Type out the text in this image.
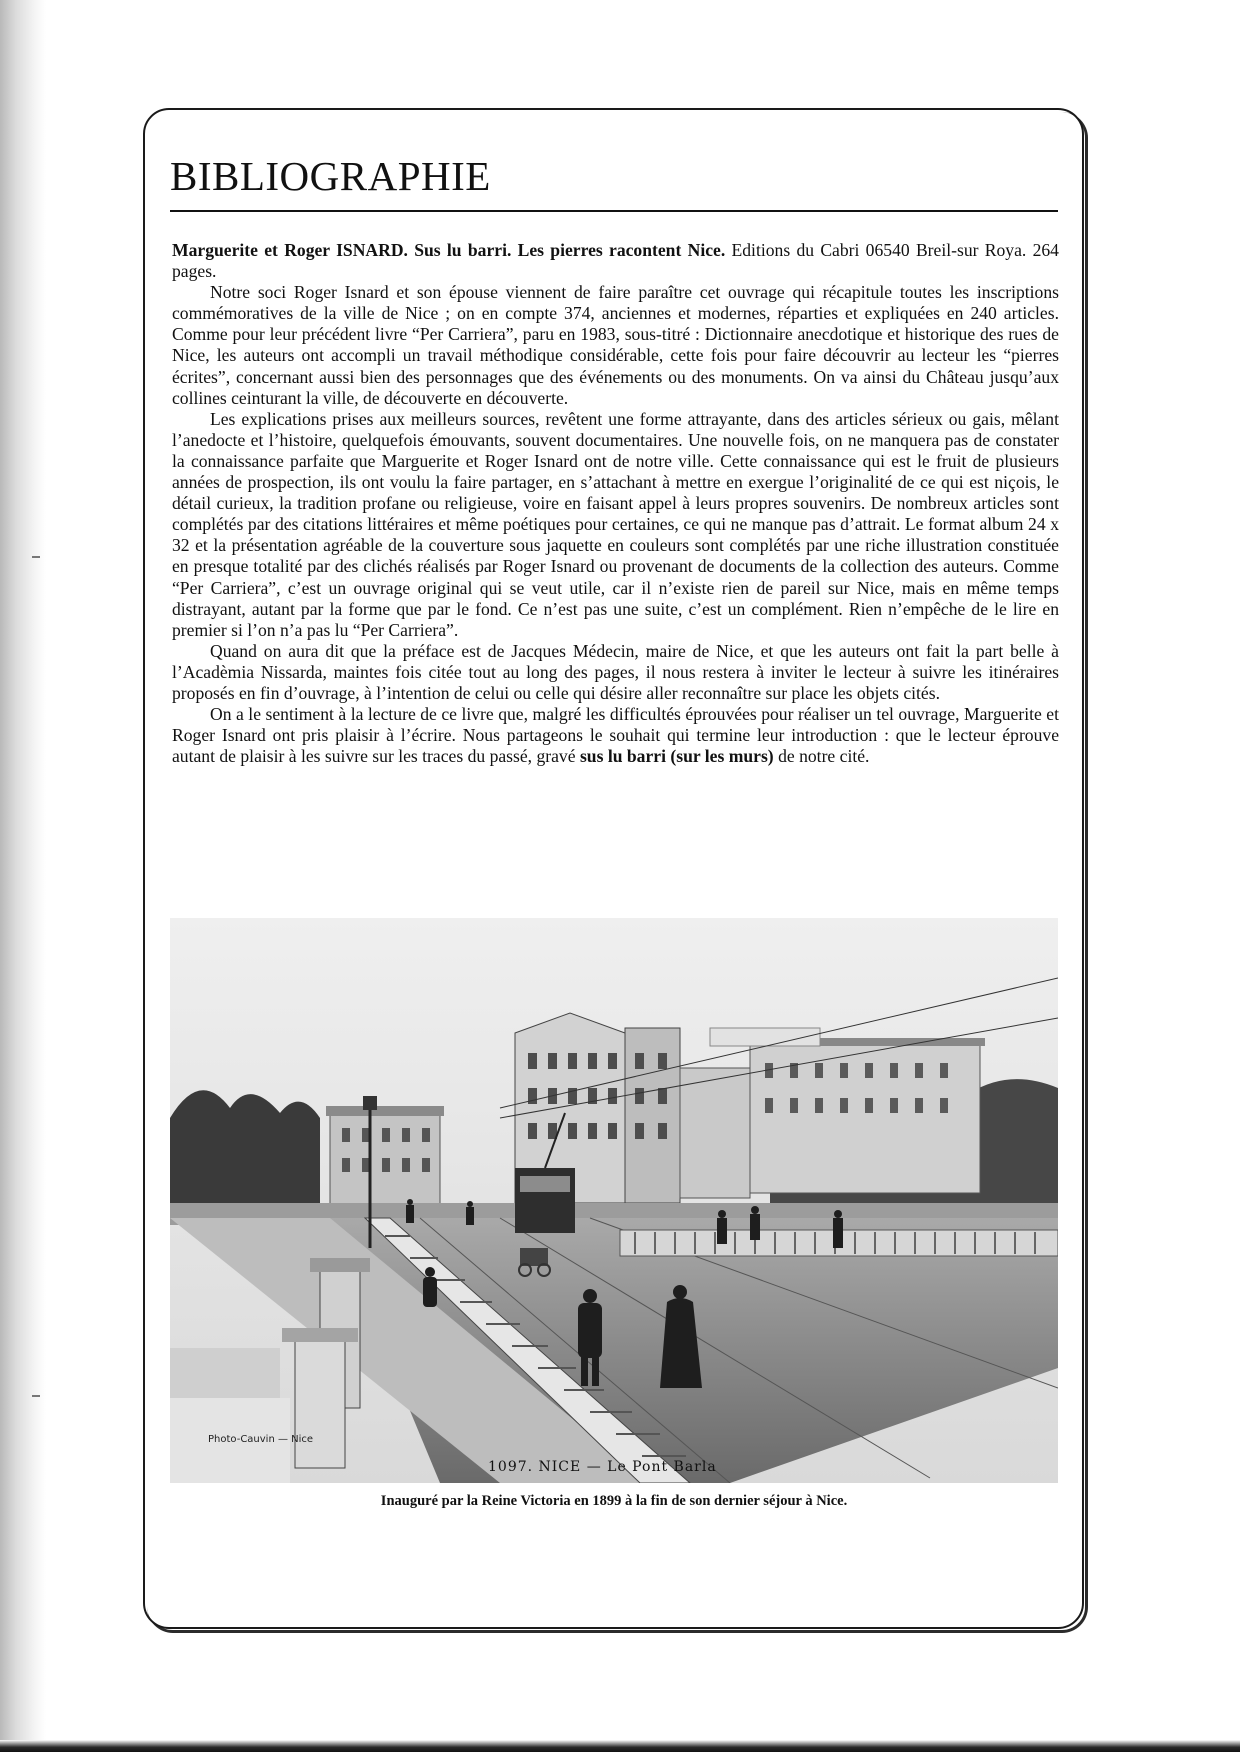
BIBLIOGRAPHIE

Marguerite et Roger ISNARD. Sus lu barri. Les pierres racontent Nice. Editions du Cabri 06540 Breil-sur Roya. 264 pages.

Notre soci Roger Isnard et son épouse viennent de faire paraître cet ouvrage qui récapitule toutes les inscriptions commémoratives de la ville de Nice ; on en compte 374, anciennes et modernes, réparties et expliquées en 240 articles. Comme pour leur précédent livre “Per Carriera”, paru en 1983, sous-titré : Dictionnaire anecdotique et historique des rues de Nice, les auteurs ont accompli un travail méthodique considérable, cette fois pour faire découvrir au lecteur les “pierres écrites”, concernant aussi bien des personnages que des événements ou des monuments. On va ainsi du Château jusqu’aux collines ceinturant la ville, de découverte en découverte.

Les explications prises aux meilleurs sources, revêtent une forme attrayante, dans des articles sérieux ou gais, mêlant l’anedocte et l’histoire, quelquefois émouvants, souvent documentaires. Une nouvelle fois, on ne manquera pas de constater la connaissance parfaite que Marguerite et Roger Isnard ont de notre ville. Cette connaissance qui est le fruit de plusieurs années de prospection, ils ont voulu la faire partager, en s’attachant à mettre en exergue l’originalité de ce qui est niçois, le détail curieux, la tradition profane ou religieuse, voire en faisant appel à leurs propres souvenirs. De nombreux articles sont complétés par des citations littéraires et même poétiques pour certaines, ce qui ne manque pas d’attrait. Le format album 24 x 32 et la présentation agréable de la couverture sous jaquette en couleurs sont complétés par une riche illustration constituée en presque totalité par des clichés réalisés par Roger Isnard ou provenant de documents de la collection des auteurs. Comme “Per Carriera”, c’est un ouvrage original qui se veut utile, car il n’existe rien de pareil sur Nice, mais en même temps distrayant, autant par la forme que par le fond. Ce n’est pas une suite, c’est un complément. Rien n’empêche de le lire en premier si l’on n’a pas lu “Per Carriera”.

Quand on aura dit que la préface est de Jacques Médecin, maire de Nice, et que les auteurs ont fait la part belle à l’Acadèmia Nissarda, maintes fois citée tout au long des pages, il nous restera à inviter le lecteur à suivre les itinéraires proposés en fin d’ouvrage, à l’intention de celui ou celle qui désire aller reconnaître sur place les objets cités.

On a le sentiment à la lecture de ce livre que, malgré les difficultés éprouvées pour réaliser un tel ouvrage, Marguerite et Roger Isnard ont pris plaisir à l’écrire. Nous partageons le souhait qui termine leur introduction : que le lecteur éprouve autant de plaisir à les suivre sur les traces du passé, gravé sus lu barri (sur les murs) de notre cité.

Photo-Cauvin — Nice
1097. NICE — Le Pont Barla
Inauguré par la Reine Victoria en 1899 à la fin de son dernier séjour à Nice.
